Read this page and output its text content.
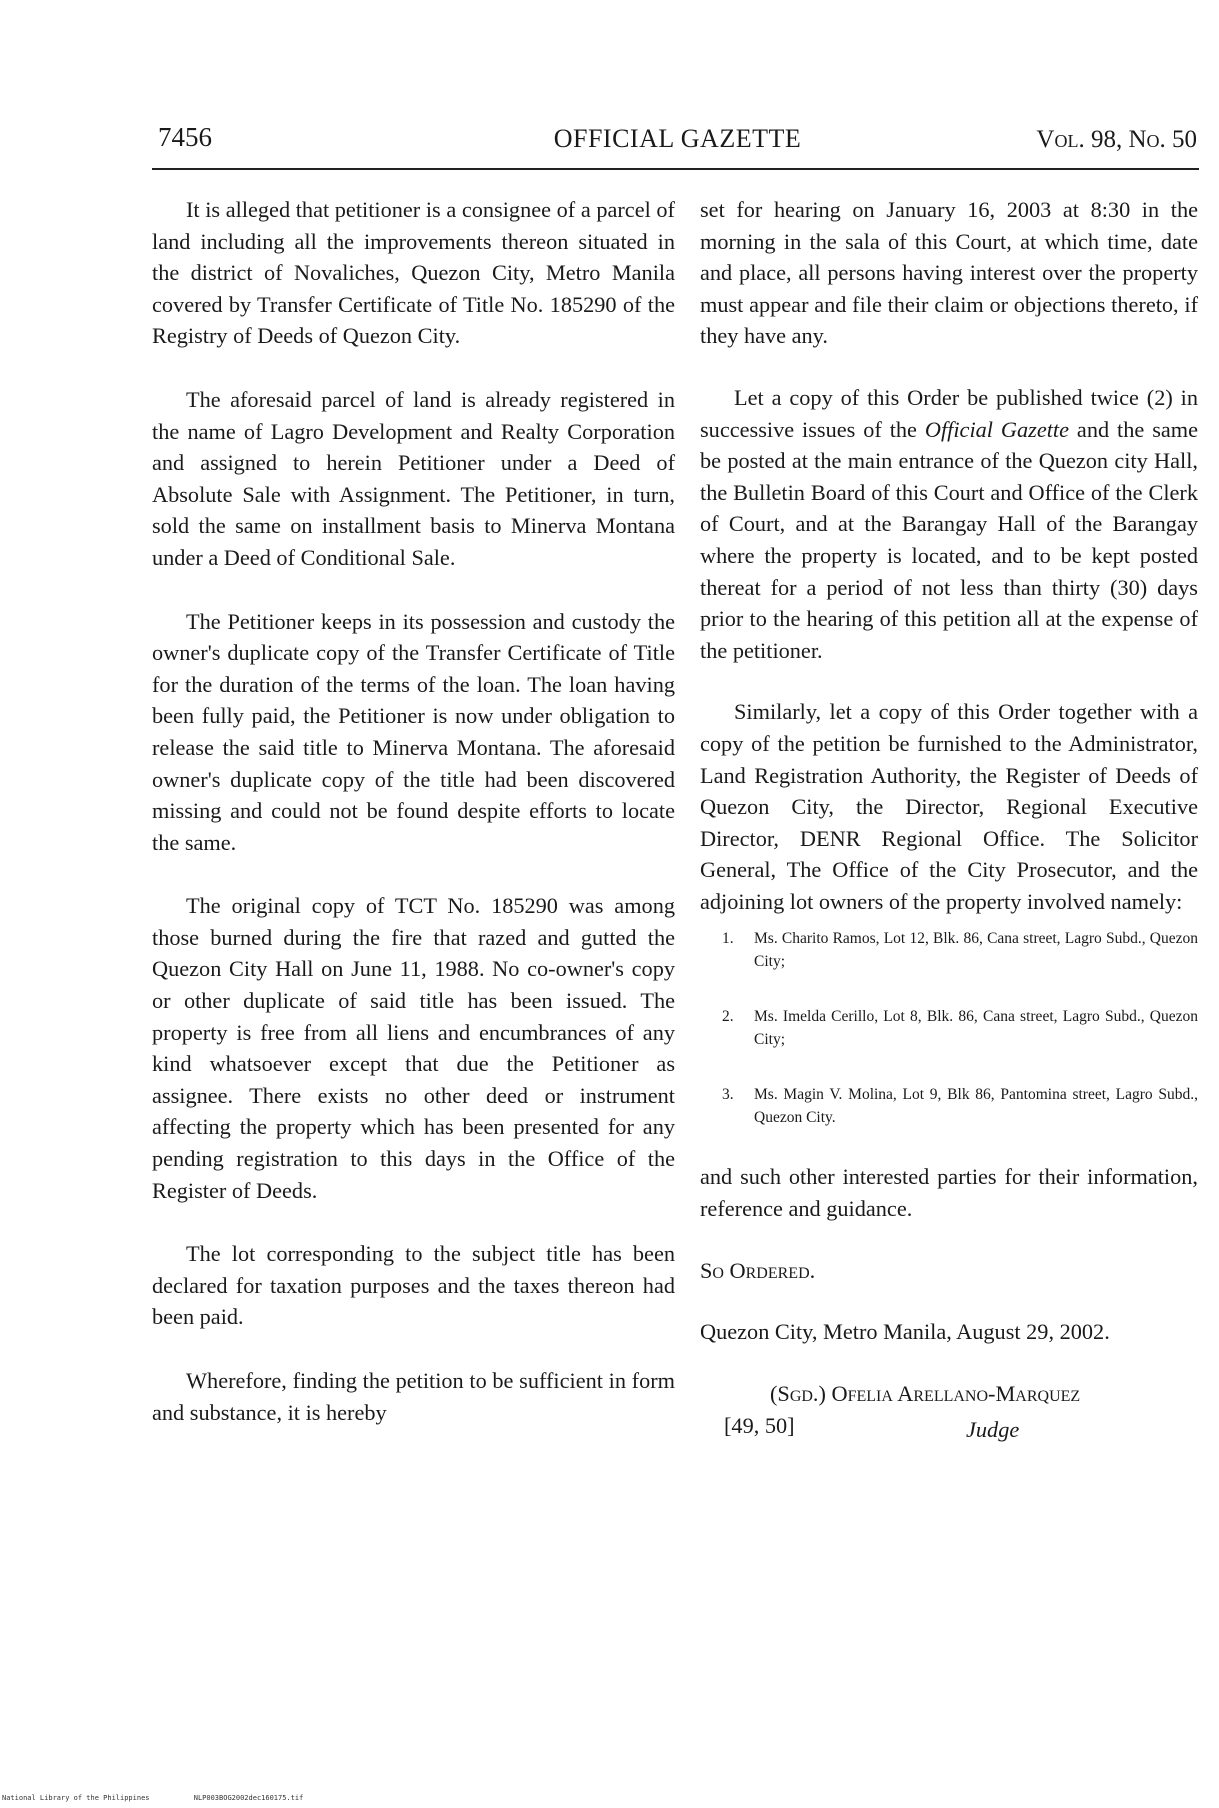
7456	OFFICIAL GAZETTE	Vol. 98, No. 50

It is alleged that petitioner is a consignee of a parcel of land including all the improvements thereon situated in the district of Novaliches, Quezon City, Metro Manila covered by Transfer Certificate of Title No. 185290 of the Registry of Deeds of Quezon City.

The aforesaid parcel of land is already registered in the name of Lagro Development and Realty Corporation and assigned to herein Petitioner under a Deed of Absolute Sale with Assignment. The Petitioner, in turn, sold the same on installment basis to Minerva Montana under a Deed of Conditional Sale.

The Petitioner keeps in its possession and custody the owner's duplicate copy of the Transfer Certificate of Title for the duration of the terms of the loan. The loan having been fully paid, the Petitioner is now under obligation to release the said title to Minerva Montana. The aforesaid owner's duplicate copy of the title had been discovered missing and could not be found despite efforts to locate the same.

The original copy of TCT No. 185290 was among those burned during the fire that razed and gutted the Quezon City Hall on June 11, 1988. No co-owner's copy or other duplicate of said title has been issued. The property is free from all liens and encumbrances of any kind whatsoever except that due the Petitioner as assignee. There exists no other deed or instrument affecting the property which has been presented for any pending registration to this days in the Office of the Register of Deeds.

The lot corresponding to the subject title has been declared for taxation purposes and the taxes thereon had been paid.

Wherefore, finding the petition to be sufficient in form and substance, it is hereby

set for hearing on January 16, 2003 at 8:30 in the morning in the sala of this Court, at which time, date and place, all persons having interest over the property must appear and file their claim or objections thereto, if they have any.

Let a copy of this Order be published twice (2) in successive issues of the Official Gazette and the same be posted at the main entrance of the Quezon city Hall, the Bulletin Board of this Court and Office of the Clerk of Court, and at the Barangay Hall of the Barangay where the property is located, and to be kept posted thereat for a period of not less than thirty (30) days prior to the hearing of this petition all at the expense of the petitioner.

Similarly, let a copy of this Order together with a copy of the petition be furnished to the Administrator, Land Registration Authority, the Register of Deeds of Quezon City, the Director, Regional Executive Director, DENR Regional Office. The Solicitor General, The Office of the City Prosecutor, and the adjoining lot owners of the property involved namely:

1. Ms. Charito Ramos, Lot 12, Blk. 86, Cana street, Lagro Subd., Quezon City;
2. Ms. Imelda Cerillo, Lot 8, Blk. 86, Cana street, Lagro Subd., Quezon City;
3. Ms. Magin V. Molina, Lot 9, Blk 86, Pantomina street, Lagro Subd., Quezon City.

and such other interested parties for their information, reference and guidance.

So Ordered.

Quezon City, Metro Manila, August 29, 2002.

(Sgd.) Ofelia Arellano-Marquez
[49, 50]	Judge
National Library of the Philippines	NLP003BOG2002dec160175.tif
